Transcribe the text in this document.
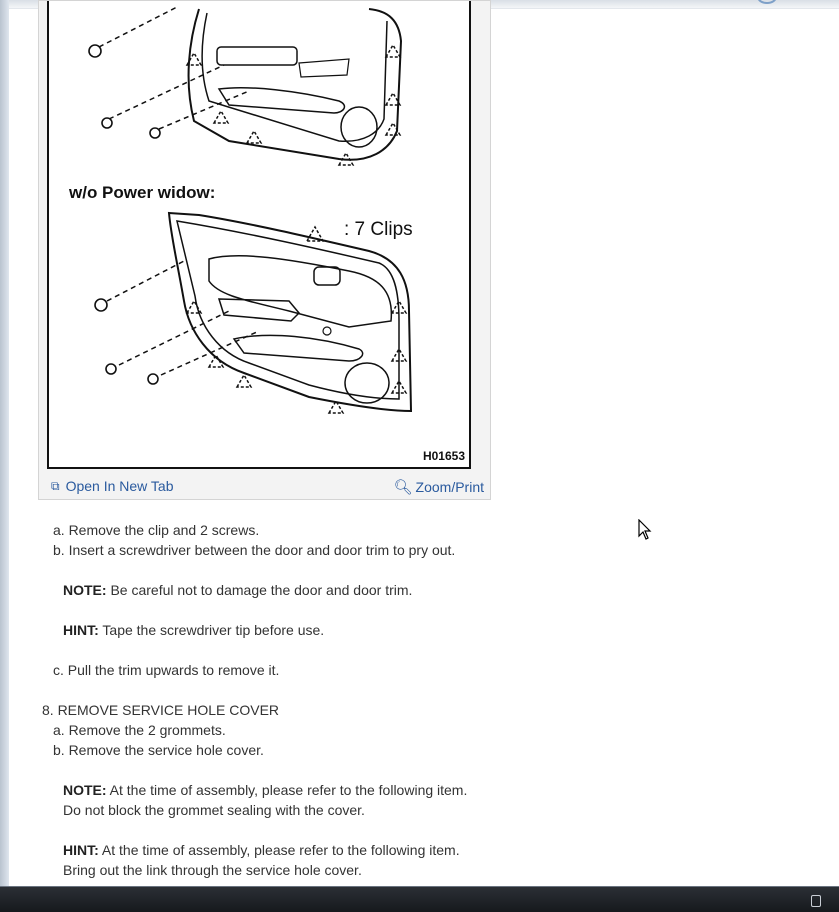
w/o Power widow:
: 7 Clips
H01653
⧉ Open In New Tab	🔍︎ Zoom/Print
a. Remove the clip and 2 screws.
b. Insert a screwdriver between the door and door trim to pry out.
NOTE: Be careful not to damage the door and door trim.
HINT: Tape the screwdriver tip before use.
c. Pull the trim upwards to remove it.
8. REMOVE SERVICE HOLE COVER
a. Remove the 2 grommets.
b. Remove the service hole cover.
NOTE: At the time of assembly, please refer to the following item.
Do not block the grommet sealing with the cover.
HINT: At the time of assembly, please refer to the following item.
Bring out the link through the service hole cover.
